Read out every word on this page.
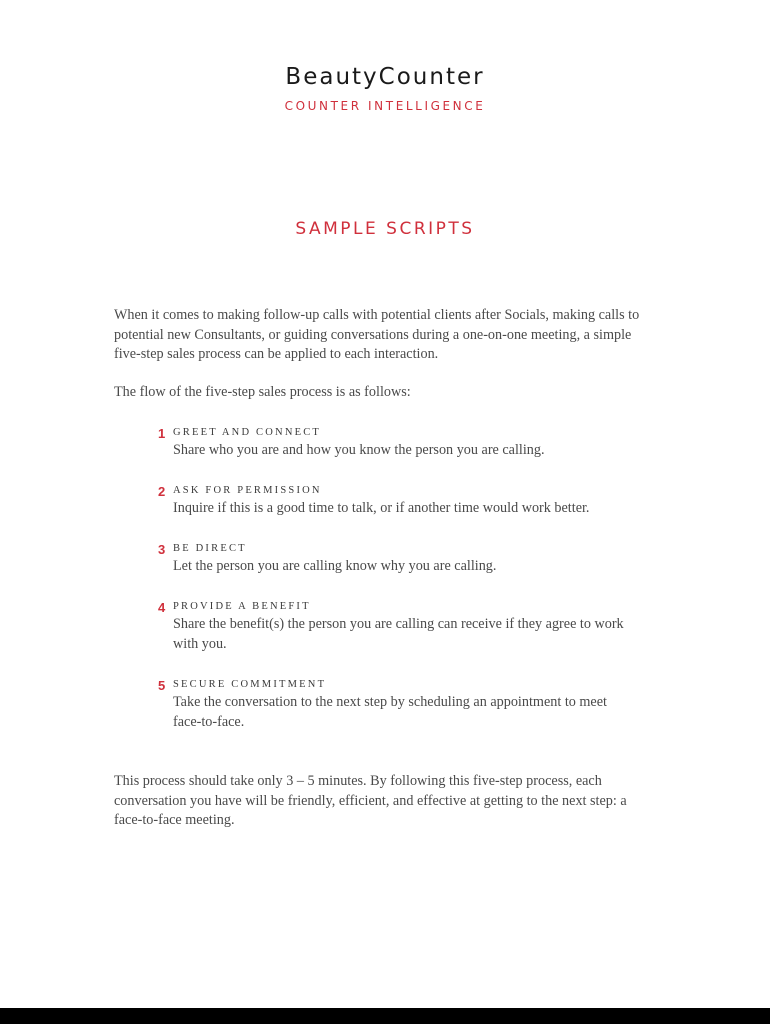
BeautyCounter
COUNTER INTELLIGENCE
SAMPLE SCRIPTS

When it comes to making follow-up calls with potential clients after Socials, making calls to potential new Consultants, or guiding conversations during a one-on-one meeting, a simple five-step sales process can be applied to each interaction.

The flow of the five-step sales process is as follows:

1 GREET AND CONNECT

Share who you are and how you know the person you are calling.

2 ASK FOR PERMISSION

Inquire if this is a good time to talk, or if another time would work better.

3 BE DIRECT

Let the person you are calling know why you are calling.

4 PROVIDE A BENEFIT

Share the benefit(s) the person you are calling can receive if they agree to work with you.

5 SECURE COMMITMENT

Take the conversation to the next step by scheduling an appointment to meet face-to-face.

This process should take only 3 – 5 minutes. By following this five-step process, each conversation you have will be friendly, efficient, and effective at getting to the next step: a face-to-face meeting.
